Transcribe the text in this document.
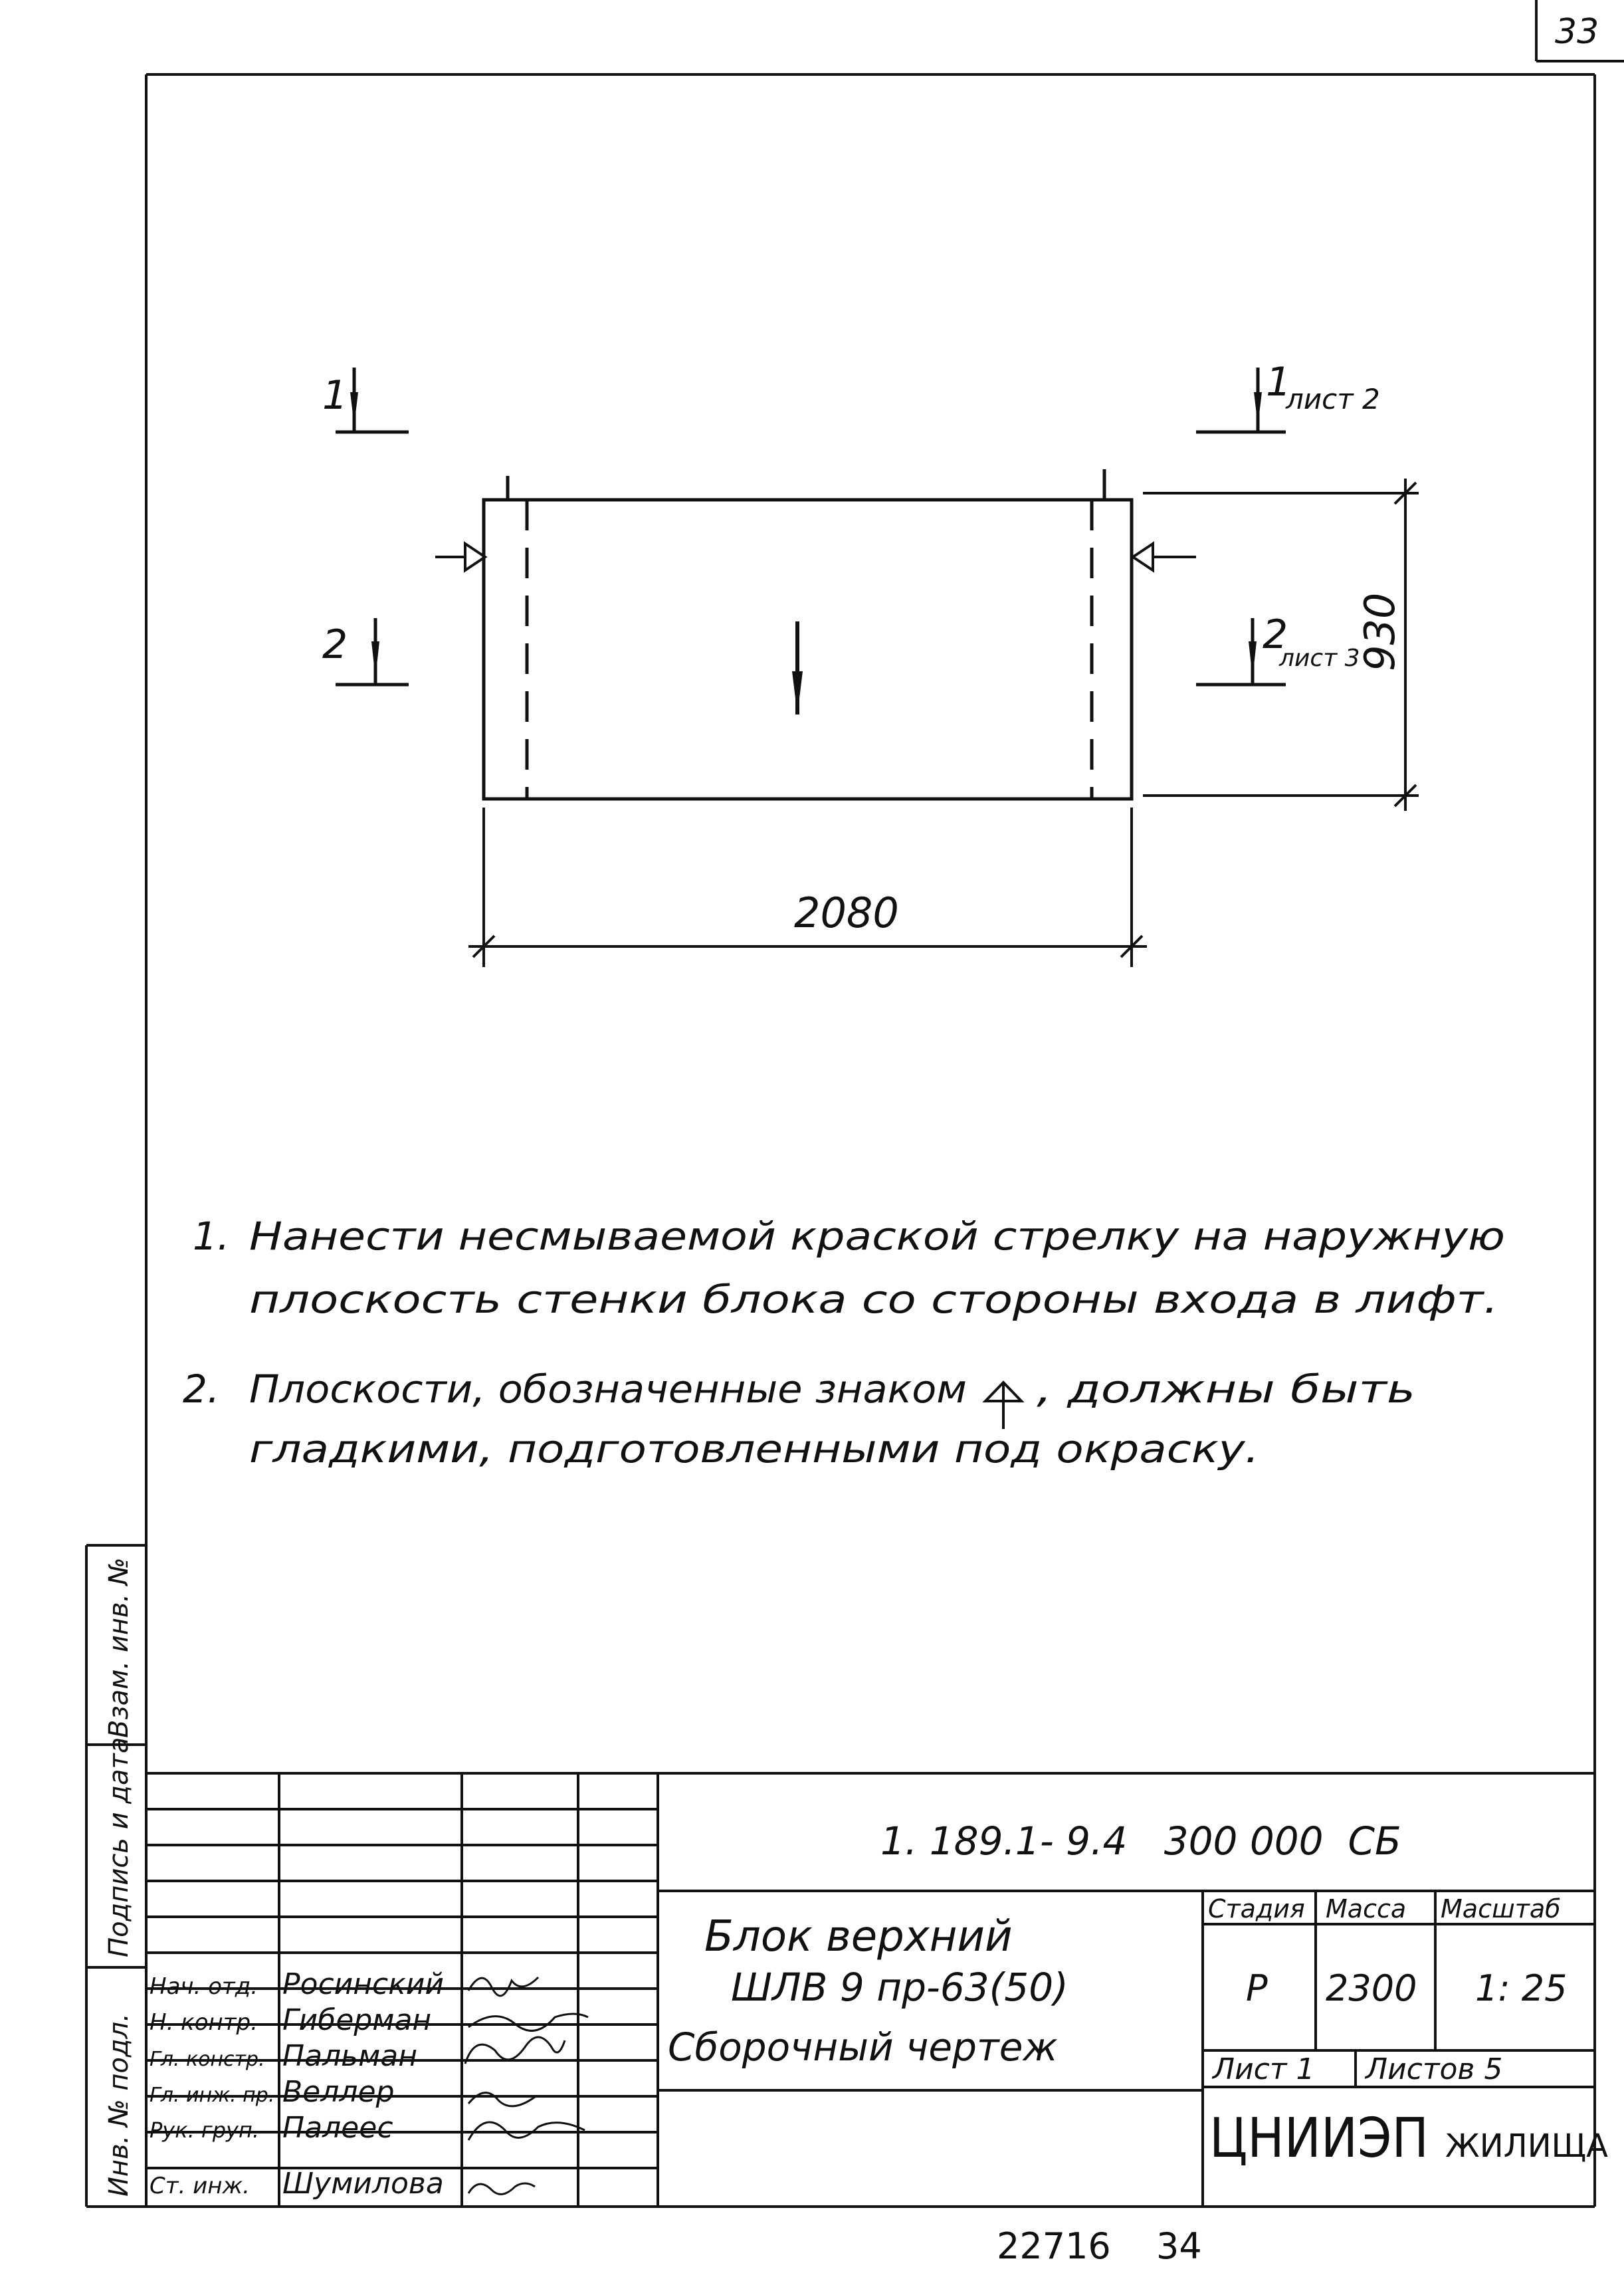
33
Взам. инв. №
Подпись и дата
Инв. № подл.
1	1
лист 2
2	2
лист 3
2080
930
1. Нанести несмываемой краской стрелку на наружную
плоскость стенки блока со стороны входа в лифт.
2. Плоскости, обозначенные знаком , должны быть
гладкими, подготовленными под окраску.
1. 189.1- 9.4   300 000  СБ
Блок верхний
ШЛВ 9 пр-63(50)
Сборочный чертеж
Стадия Масса Масштаб
Р 2300 1: 25
Лист 1 Листов 5
ЦНИИЭП ЖИЛИЩА
Нач. отд. Росинский
Н. контр. Гиберман
Гл. констр. Пальман
Гл. инж. пр. Веллер
Рук. груп. Палеес
Ст. инж. Шумилова
22716 34
